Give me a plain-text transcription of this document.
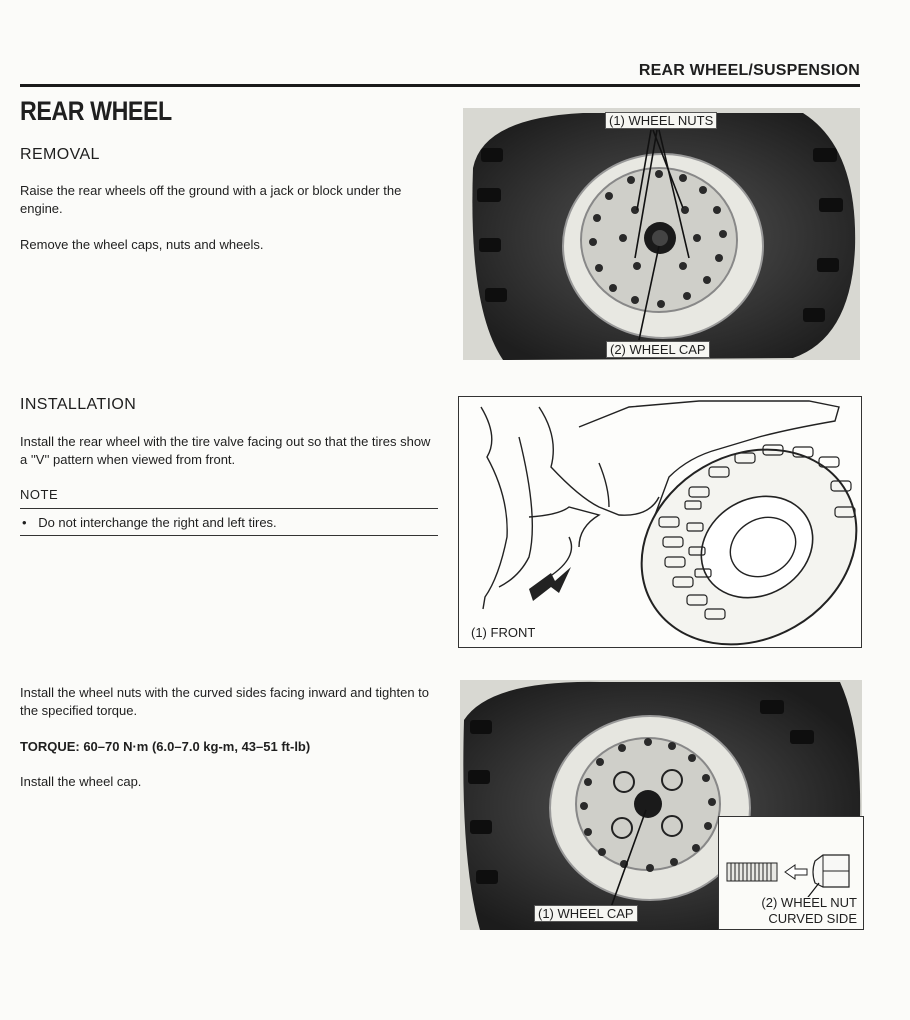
REAR WHEEL/SUSPENSION
REAR WHEEL
REMOVAL
Raise the rear wheels off the ground with a jack or block under the engine.
Remove the wheel caps, nuts and wheels.
(1) WHEEL NUTS
(2) WHEEL CAP
INSTALLATION
Install the rear wheel with the tire valve facing out so that the tires show a ''V'' pattern when viewed from front.
NOTE
• Do not interchange the right and left tires.
(1) FRONT
Install the wheel nuts with the curved sides facing inward and tighten to the specified torque.
TORQUE: 60–70 N·m (6.0–7.0 kg-m, 43–51 ft-lb)
Install the wheel cap.
(1) WHEEL CAP
(2) WHEEL NUT
CURVED SIDE
